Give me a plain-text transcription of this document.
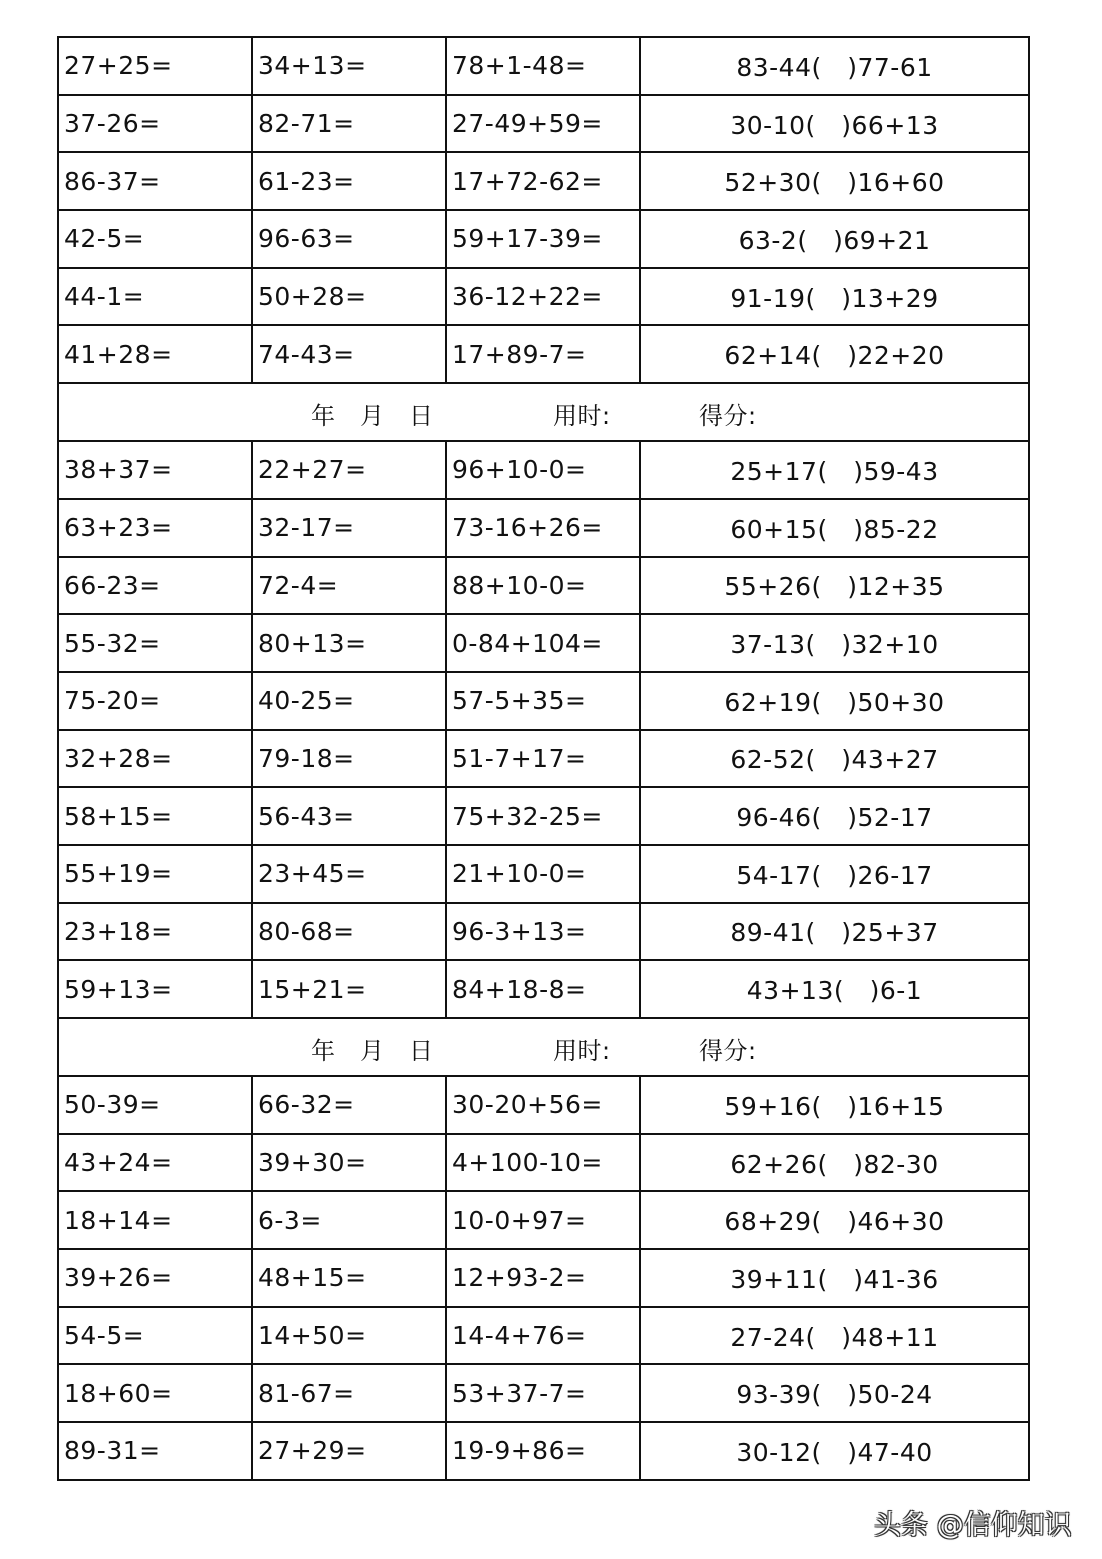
27+25=	34+13=	78+1-48=	83-44(　)77-61
37-26=	82-71=	27-49+59=	30-10(　)66+13
86-37=	61-23=	17+72-62=	52+30(　)16+60
42-5=	96-63=	59+17-39=	63-2(　)69+21
44-1=	50+28=	36-12+22=	91-19(　)13+29
41+28=	74-43=	17+89-7=	62+14(　)22+20

年　月　日 用时: 得分:			

38+37=	22+27=	96+10-0=	25+17(　)59-43
63+23=	32-17=	73-16+26=	60+15(　)85-22
66-23=	72-4=	88+10-0=	55+26(　)12+35
55-32=	80+13=	0-84+104=	37-13(　)32+10
75-20=	40-25=	57-5+35=	62+19(　)50+30
32+28=	79-18=	51-7+17=	62-52(　)43+27
58+15=	56-43=	75+32-25=	96-46(　)52-17
55+19=	23+45=	21+10-0=	54-17(　)26-17
23+18=	80-68=	96-3+13=	89-41(　)25+37
59+13=	15+21=	84+18-8=	43+13(　)6-1

年　月　日 用时: 得分:			

50-39=	66-32=	30-20+56=	59+16(　)16+15
43+24=	39+30=	4+100-10=	62+26(　)82-30
18+14=	6-3=	10-0+97=	68+29(　)46+30
39+26=	48+15=	12+93-2=	39+11(　)41-36
54-5=	14+50=	14-4+76=	27-24(　)48+11
18+60=	81-67=	53+37-7=	93-39(　)50-24
89-31=	27+29=	19-9+86=	30-12(　)47-40
头条 @信仰知识
